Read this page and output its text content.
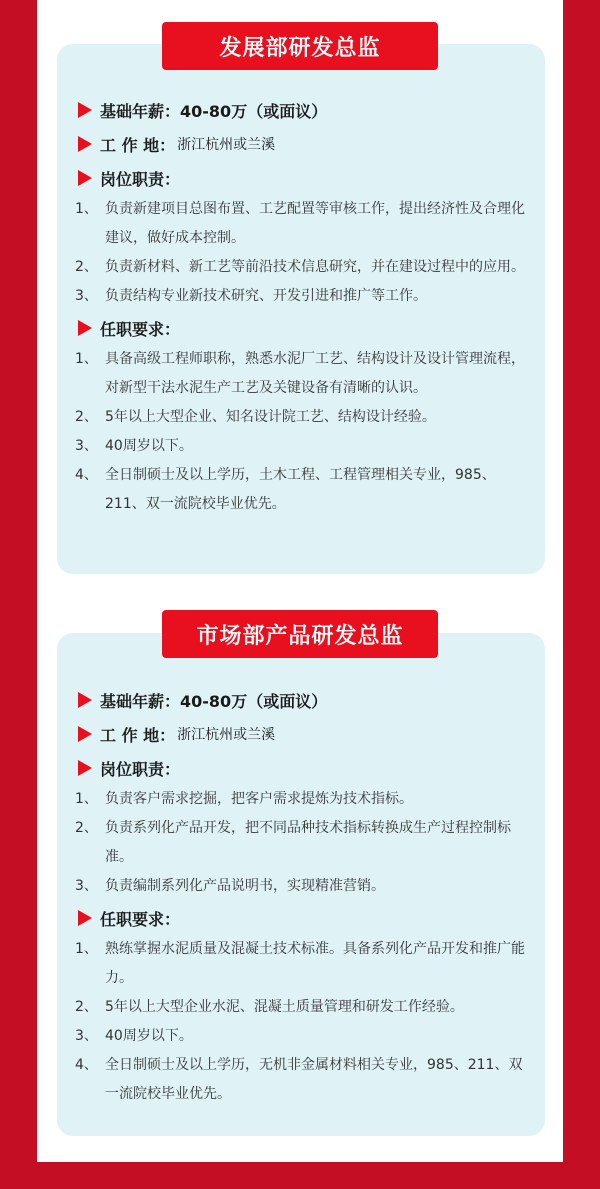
发展部研发总监
基础年薪： 40-80万（或面议）
工 作 地： 浙江杭州或兰溪
岗位职责：
1、 负责新建项目总图布置、工艺配置等审核工作，提出经济性及合理化建议，做好成本控制。
2、 负责新材料、新工艺等前沿技术信息研究，并在建设过程中的应用。
3、 负责结构专业新技术研究、开发引进和推广等工作。
任职要求：
1、 具备高级工程师职称，熟悉水泥厂工艺、结构设计及设计管理流程，对新型干法水泥生产工艺及关键设备有清晰的认识。
2、 5年以上大型企业、知名设计院工艺、结构设计经验。
3、 40周岁以下。
4、 全日制硕士及以上学历，土木工程、工程管理相关专业，985、211、双一流院校毕业优先。
市场部产品研发总监
基础年薪： 40-80万（或面议）
工 作 地： 浙江杭州或兰溪
岗位职责：
1、 负责客户需求挖掘，把客户需求提炼为技术指标。
2、 负责系列化产品开发，把不同品种技术指标转换成生产过程控制标准。
3、 负责编制系列化产品说明书，实现精准营销。
任职要求：
1、 熟练掌握水泥质量及混凝土技术标准。具备系列化产品开发和推广能力。
2、 5年以上大型企业水泥、混凝土质量管理和研发工作经验。
3、 40周岁以下。
4、 全日制硕士及以上学历，无机非金属材料相关专业，985、211、双一流院校毕业优先。
